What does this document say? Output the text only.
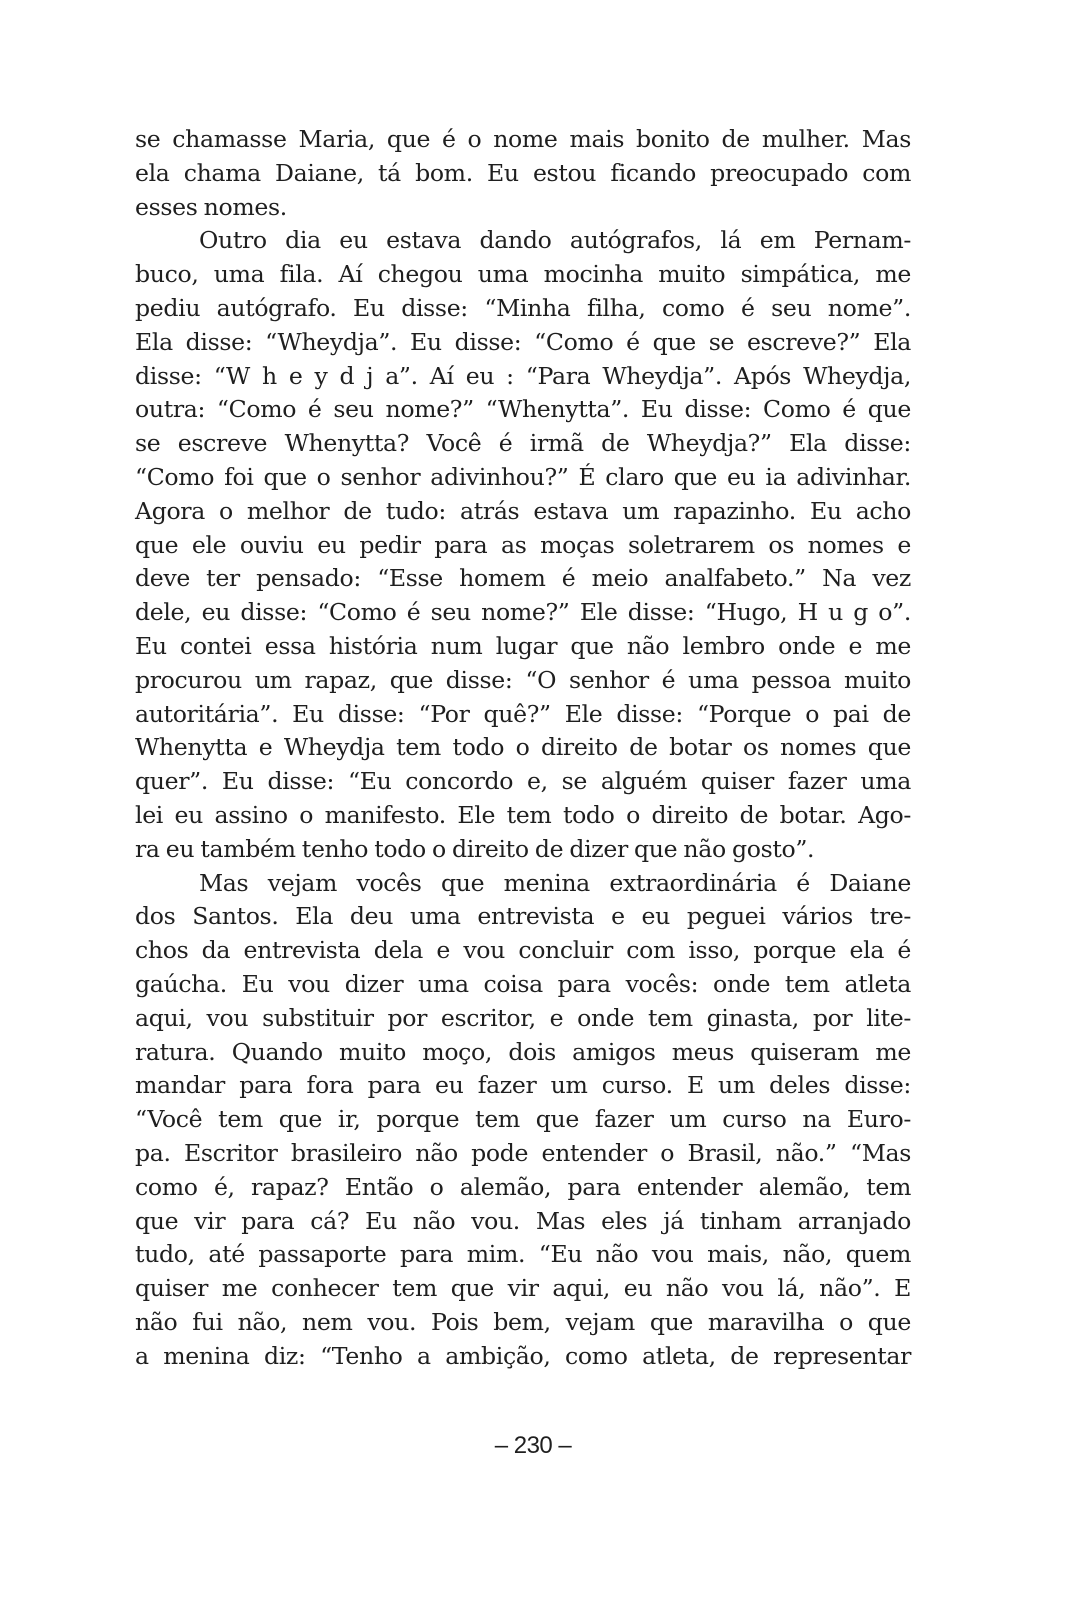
se chamasse Maria, que é o nome mais bonito de mulher. Mas
ela chama Daiane, tá bom. Eu estou ficando preocupado com
esses nomes.
Outro dia eu estava dando autógrafos, lá em Pernam-
buco, uma fila. Aí chegou uma mocinha muito simpática, me
pediu autógrafo. Eu disse: “Minha filha, como é seu nome”.
Ela disse: “Wheydja”. Eu disse: “Como é que se escreve?” Ela
disse: “W h e y d j a”. Aí eu : “Para Wheydja”. Após Wheydja,
outra: “Como é seu nome?” “Whenytta”. Eu disse: Como é que
se escreve Whenytta? Você é irmã de Wheydja?” Ela disse:
“Como foi que o senhor adivinhou?” É claro que eu ia adivinhar.
Agora o melhor de tudo: atrás estava um rapazinho. Eu acho
que ele ouviu eu pedir para as moças soletrarem os nomes e
deve ter pensado: “Esse homem é meio analfabeto.” Na vez
dele, eu disse: “Como é seu nome?” Ele disse: “Hugo, H u g o”.
Eu contei essa história num lugar que não lembro onde e me
procurou um rapaz, que disse: “O senhor é uma pessoa muito
autoritária”. Eu disse: “Por quê?” Ele disse: “Porque o pai de
Whenytta e Wheydja tem todo o direito de botar os nomes que
quer”. Eu disse: “Eu concordo e, se alguém quiser fazer uma
lei eu assino o manifesto. Ele tem todo o direito de botar. Ago-
ra eu também tenho todo o direito de dizer que não gosto”.
Mas vejam vocês que menina extraordinária é Daiane
dos Santos. Ela deu uma entrevista e eu peguei vários tre-
chos da entrevista dela e vou concluir com isso, porque ela é
gaúcha. Eu vou dizer uma coisa para vocês: onde tem atleta
aqui, vou substituir por escritor, e onde tem ginasta, por lite-
ratura. Quando muito moço, dois amigos meus quiseram me
mandar para fora para eu fazer um curso. E um deles disse:
“Você tem que ir, porque tem que fazer um curso na Euro-
pa. Escritor brasileiro não pode entender o Brasil, não.” “Mas
como é, rapaz? Então o alemão, para entender alemão, tem
que vir para cá? Eu não vou. Mas eles já tinham arranjado
tudo, até passaporte para mim. “Eu não vou mais, não, quem
quiser me conhecer tem que vir aqui, eu não vou lá, não”. E
não fui não, nem vou. Pois bem, vejam que maravilha o que
a menina diz: “Tenho a ambição, como atleta, de representar
– 230 –
